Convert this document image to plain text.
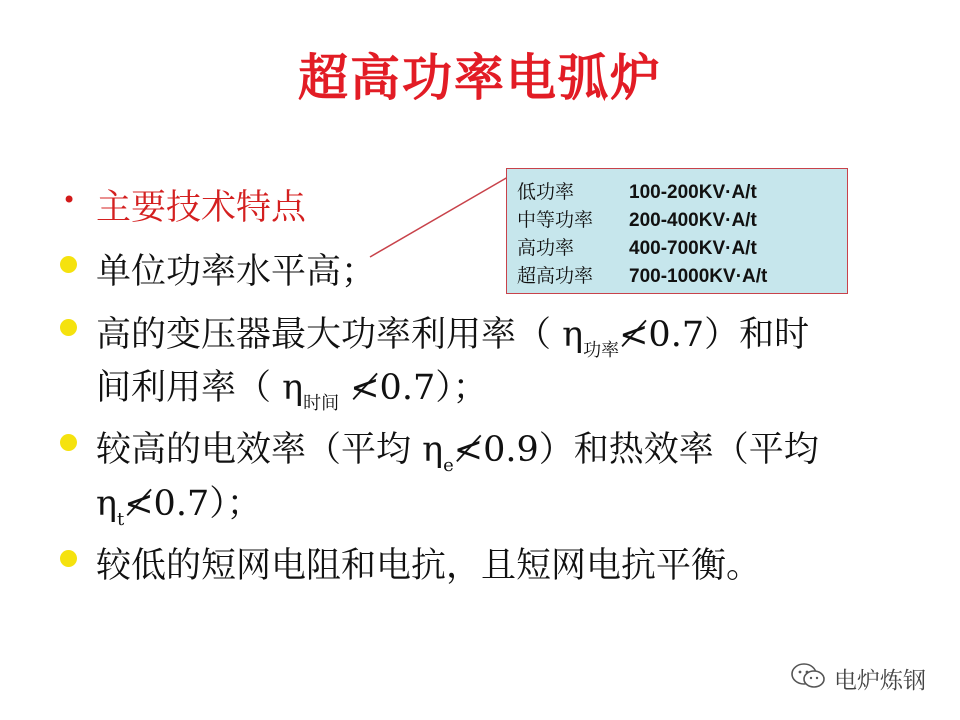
超高功率电弧炉
• 主要技术特点
单位功率水平高；
高的变压器最大功率利用率（ $\eta_{功率}≮0.7$）和时
间利用率（ $\eta_{时间}$ ≮0.7）；
较高的电效率（平均 $\eta_e≮0.9$）和热效率（平均
$\eta_t≮0.7$）；
较低的短网电阻和电抗，且短网电抗平衡。
低功率	100-200KV·A/t
中等功率 200-400KV·A/t
高功率	400-700KV·A/t
超高功率 700-1000KV·A/t
电炉炼钢
